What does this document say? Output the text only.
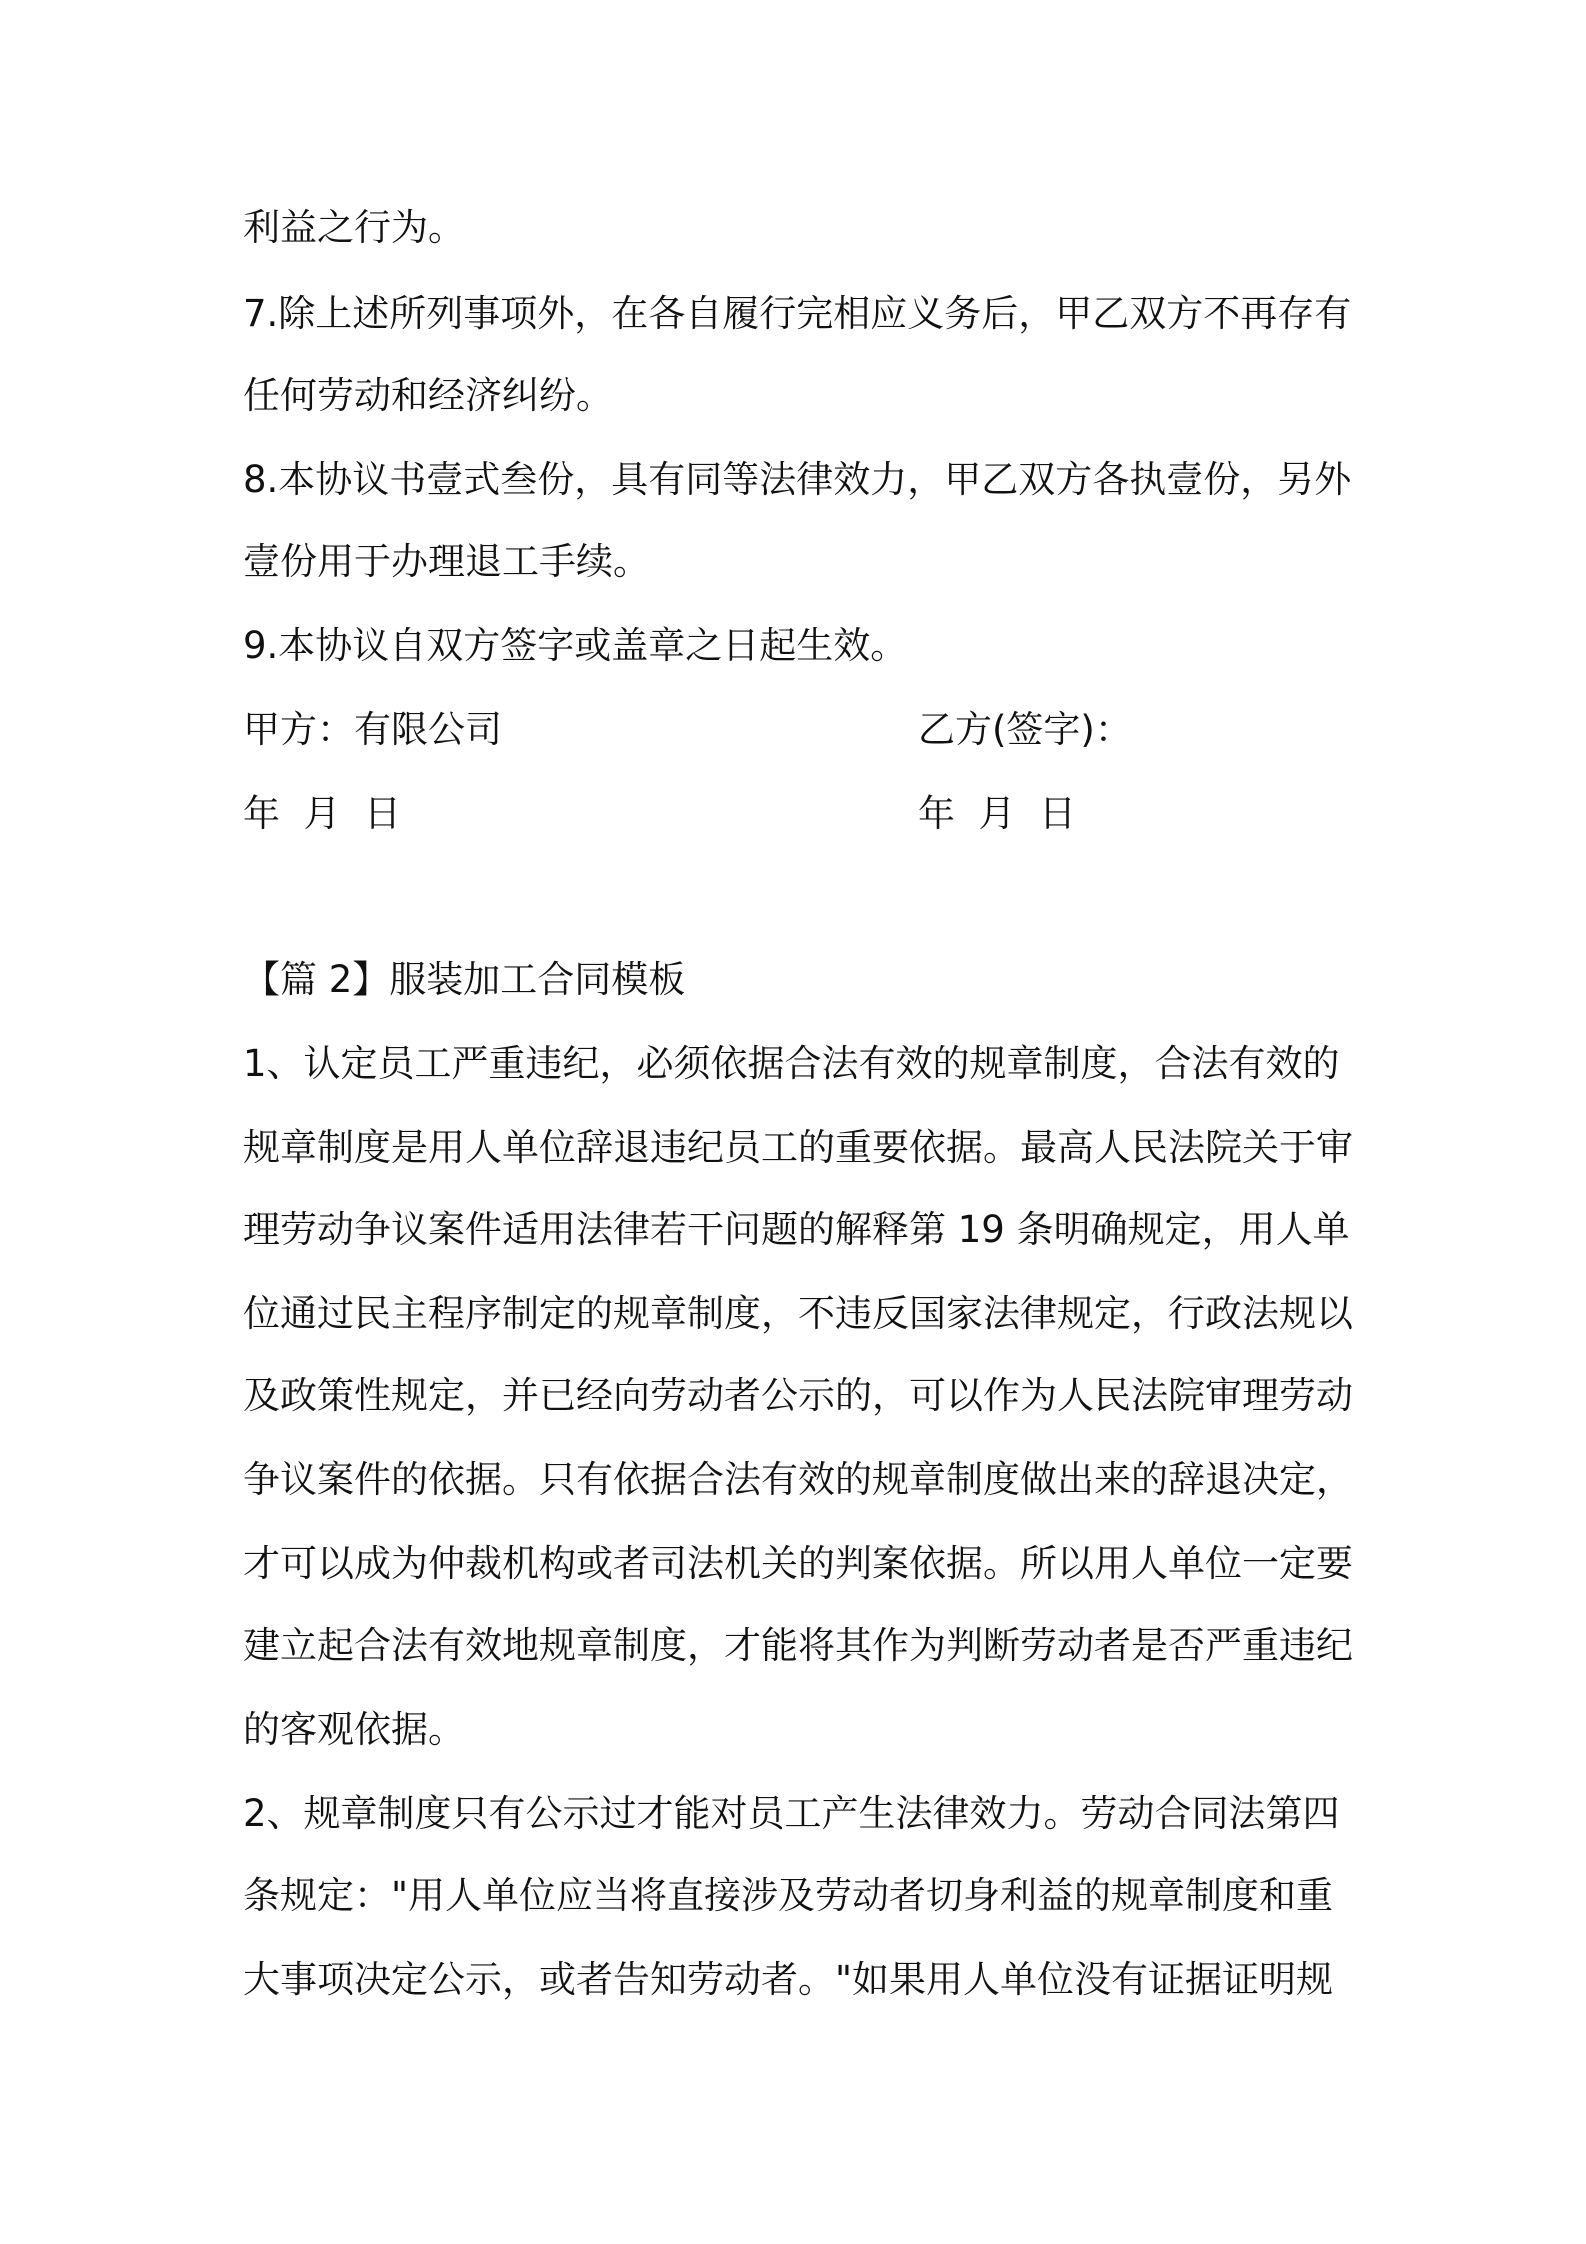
利益之行为。
7.除上述所列事项外，在各自履行完相应义务后，甲乙双方不再存有
任何劳动和经济纠纷。
8.本协议书壹式叁份，具有同等法律效力，甲乙双方各执壹份，另外
壹份用于办理退工手续。
9.本协议自双方签字或盖章之日起生效。
甲方：有限公司	乙方(签字)：
年  月  日	年  月  日
【篇 2】服装加工合同模板
1、认定员工严重违纪，必须依据合法有效的规章制度，合法有效的
规章制度是用人单位辞退违纪员工的重要依据。最高人民法院关于审
理劳动争议案件适用法律若干问题的解释第 19 条明确规定，用人单
位通过民主程序制定的规章制度，不违反国家法律规定，行政法规以
及政策性规定，并已经向劳动者公示的，可以作为人民法院审理劳动
争议案件的依据。只有依据合法有效的规章制度做出来的辞退决定，
才可以成为仲裁机构或者司法机关的判案依据。所以用人单位一定要
建立起合法有效地规章制度，才能将其作为判断劳动者是否严重违纪
的客观依据。
2、规章制度只有公示过才能对员工产生法律效力。劳动合同法第四
条规定："用人单位应当将直接涉及劳动者切身利益的规章制度和重
大事项决定公示，或者告知劳动者。"如果用人单位没有证据证明规
